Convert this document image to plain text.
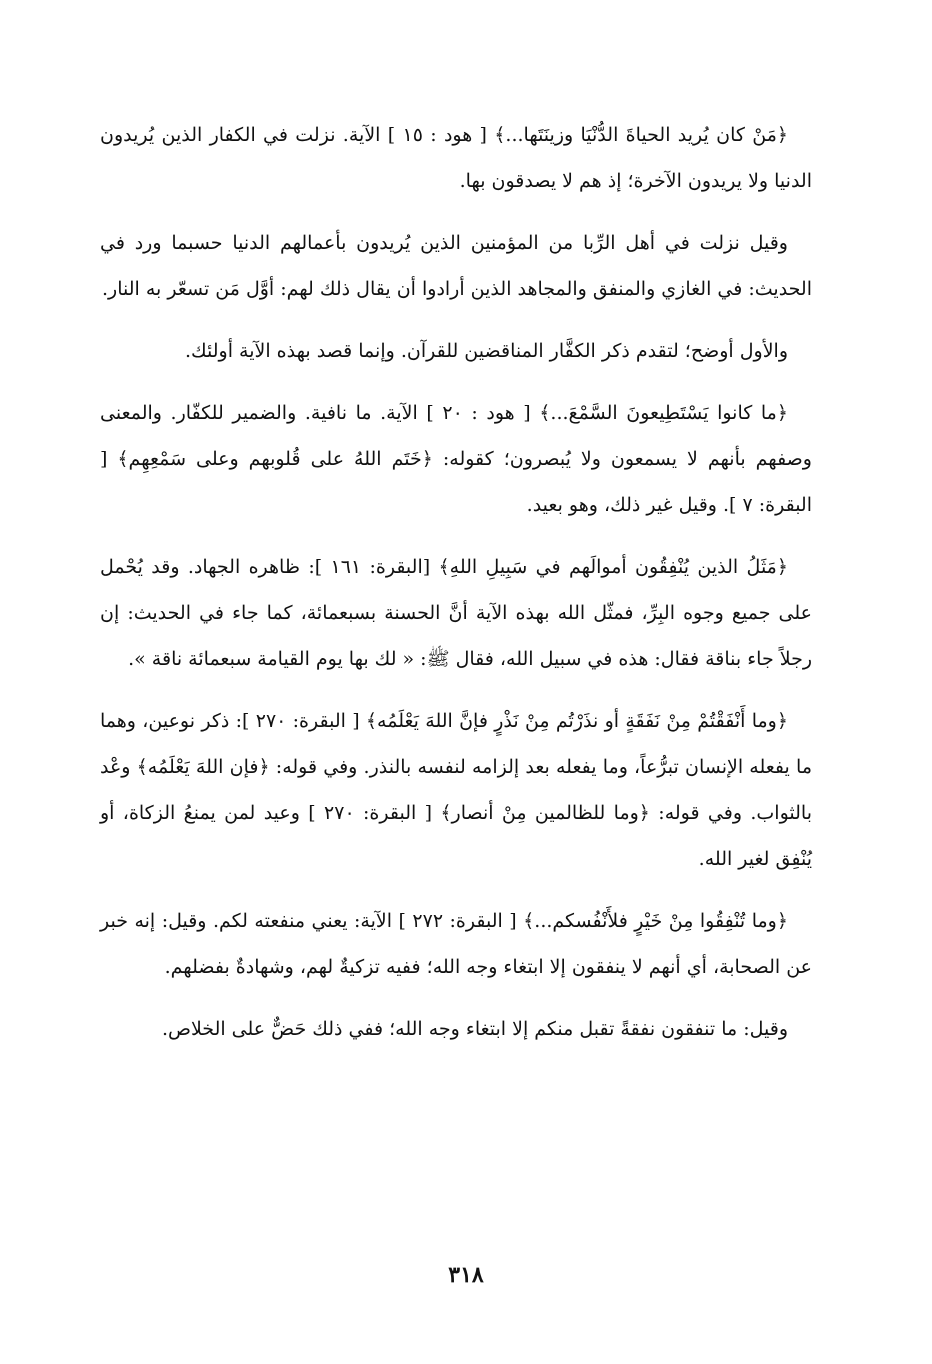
﴿مَنْ كان يُريد الحياةَ الدُّنْيَا وزينَتَها...﴾ [ هود : ١٥ ] الآية. نزلت في الكفار الذين يُريدون الدنيا ولا يريدون الآخرة؛ إذ هم لا يصدقون بها.

وقيل نزلت في أهل الرِّبا من المؤمنين الذين يُريدون بأعمالهم الدنيا حسبما ورد في الحديث: في الغازي والمنفق والمجاهد الذين أرادوا أن يقال ذلك لهم: أوَّل مَن تسعّر به النار.

والأول أوضح؛ لتقدم ذكر الكفَّار المناقضين للقرآن. وإنما قصد بهذه الآية أولئك.

﴿ما كانوا يَسْتَطِيعونَ السَّمْعَ...﴾ [ هود : ٢٠ ] الآية. ما نافية. والضمير للكفّار. والمعنى وصفهم بأنهم لا يسمعون ولا يُبصرون؛ كقوله: ﴿خَتَم اللهُ على قُلوبهم وعلى سَمْعِهِم﴾ [ البقرة: ٧ ]. وقيل غير ذلك، وهو بعيد.

﴿مَثَلُ الذين يُنْفِقُون أموالَهم في سَبِيلِ اللهِ﴾ [البقرة: ١٦١ ]: ظاهره الجهاد. وقد يُحْمل على جميع وجوه البِرِّ، فمثّل الله بهذه الآية أنَّ الحسنة بسبعمائة، كما جاء في الحديث: إن رجلاً جاء بناقة فقال: هذه في سبيل الله، فقال ﷺ: « لك بها يوم القيامة سبعمائة ناقة ».

﴿وما أَنْفَقْتُمْ مِنْ نَفَقَةٍ أو نذَرْتُم مِنْ نَذْرٍ فإنَّ اللهَ يَعْلَمُه﴾ [ البقرة: ٢٧٠ ]: ذكر نوعين، وهما ما يفعله الإنسان تبرُّعاً، وما يفعله بعد إلزامه لنفسه بالنذر. وفي قوله: ﴿فإن اللهَ يَعْلَمُه﴾ وعْد بالثواب. وفي قوله: ﴿وما للظالمين مِنْ أنصار﴾ [ البقرة: ٢٧٠ ] وعيد لمن يمنعُ الزكاة، أو يُنْفِق لغير الله.

﴿وما تُنْفِقُوا مِنْ خَيْرٍ فلأَنْفُسكم...﴾ [ البقرة: ٢٧٢ ] الآية: يعني منفعته لكم. وقيل: إنه خبر عن الصحابة، أي أنهم لا ينفقون إلا ابتغاء وجه الله؛ ففيه تزكيةٌ لهم، وشهادةٌ بفضلهم.

وقيل: ما تنفقون نفقةً تقبل منكم إلا ابتغاء وجه الله؛ ففي ذلك حَضٌّ على الخلاص.

٣١٨
